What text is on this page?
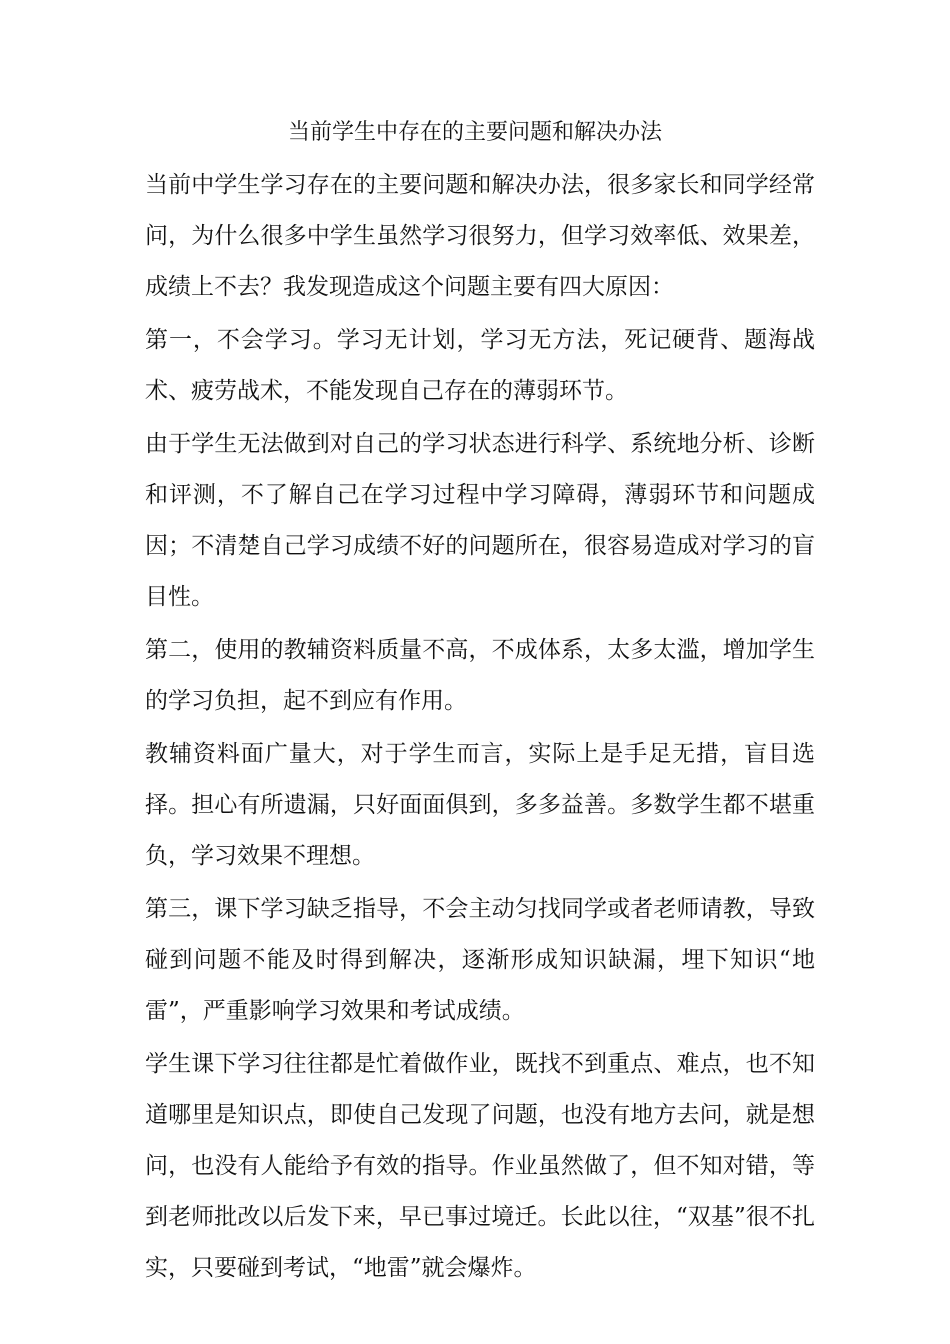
当前学生中存在的主要问题和解决办法

当前中学生学习存在的主要问题和解决办法，很多家长和同学经常问，为什么很多中学生虽然学习很努力，但学习效率低、效果差，成绩上不去？我发现造成这个问题主要有四大原因：

第一，不会学习。学习无计划，学习无方法，死记硬背、题海战术、疲劳战术，不能发现自己存在的薄弱环节。

由于学生无法做到对自己的学习状态进行科学、系统地分析、诊断和评测，不了解自己在学习过程中学习障碍，薄弱环节和问题成因；不清楚自己学习成绩不好的问题所在，很容易造成对学习的盲目性。

第二，使用的教辅资料质量不高，不成体系，太多太滥，增加学生的学习负担，起不到应有作用。

教辅资料面广量大，对于学生而言，实际上是手足无措，盲目选择。担心有所遗漏，只好面面俱到，多多益善。多数学生都不堪重负，学习效果不理想。

第三，课下学习缺乏指导，不会主动匀找同学或者老师请教，导致碰到问题不能及时得到解决，逐渐形成知识缺漏，埋下知识“地雷”，严重影响学习效果和考试成绩。

学生课下学习往往都是忙着做作业，既找不到重点、难点，也不知道哪里是知识点，即使自己发现了问题，也没有地方去问，就是想问，也没有人能给予有效的指导。作业虽然做了，但不知对错，等到老师批改以后发下来，早已事过境迁。长此以往，“双基”很不扎实，只要碰到考试，“地雷”就会爆炸。
